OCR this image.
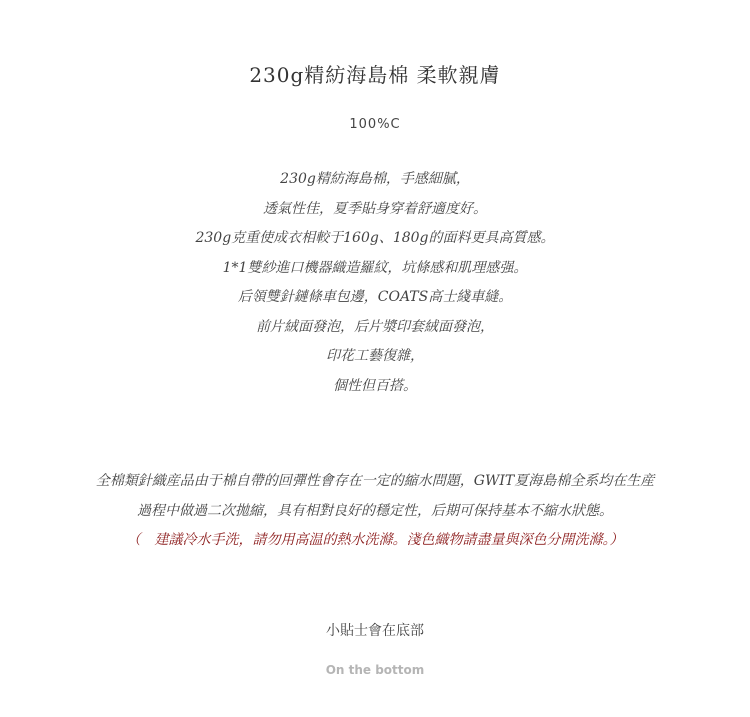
230g精紡海島棉 柔軟親膚
100%C
230g精紡海島棉，手感細膩，
透氣性佳，夏季貼身穿着舒適度好。
230g克重使成衣相較于160g、180g的面料更具高質感。
1*1雙紗進口機器織造羅紋，坑條感和肌理感强。
后領雙針鏈條車包邊，COATS高士綫車縫。
前片絨面發泡，后片漿印套絨面發泡，
印花工藝復雜，
個性但百搭。
全棉類針織産品由于棉自帶的回彈性會存在一定的縮水問題，GWIT夏海島棉全系均在生産
過程中做過二次拋縮，具有相對良好的穩定性，后期可保持基本不縮水狀態。
（　建議冷水手洗，請勿用高温的熱水洗滌。淺色織物請盡量與深色分開洗滌。）
小貼士會在底部
On the bottom
